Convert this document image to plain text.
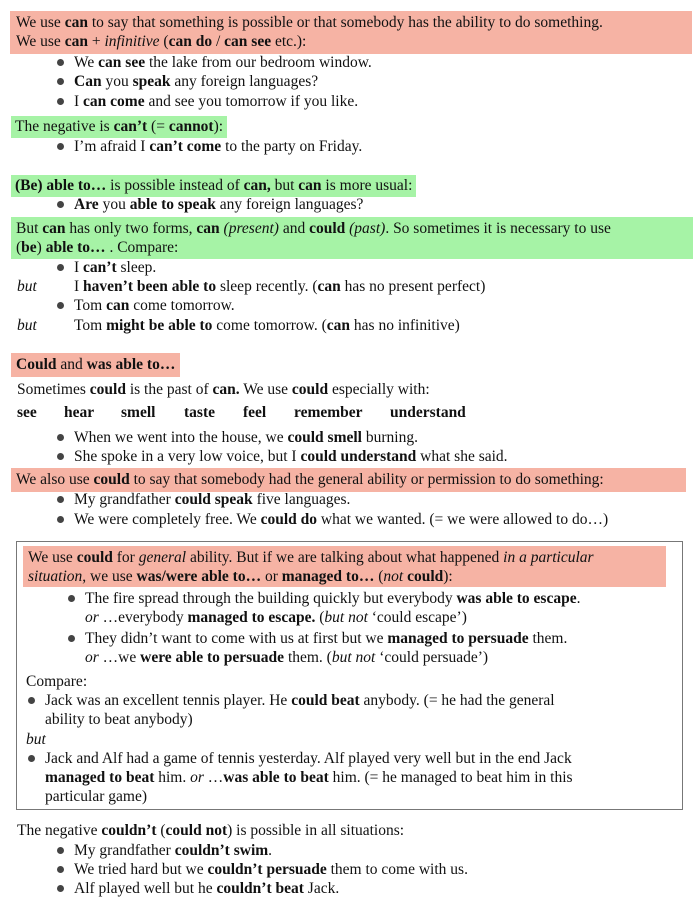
We use can to say that something is possible or that somebody has the ability to do something.
We use can + infinitive (can do / can see etc.):
We can see the lake from our bedroom window.
Can you speak any foreign languages?
I can come and see you tomorrow if you like.
The negative is can’t (= cannot):
I’m afraid I can’t come to the party on Friday.
(Be) able to… is possible instead of can, but can is more usual:
Are you able to speak any foreign languages?
But can has only two forms, can (present) and could (past). So sometimes it is necessary to use
(be) able to… . Compare:
I can’t sleep.
but I haven’t been able to sleep recently. (can has no present perfect)
Tom can come tomorrow.
but Tom might be able to come tomorrow. (can has no infinitive)
Could and was able to…
Sometimes could is the past of can. We use could especially with:
see hear smell taste feel remember understand
When we went into the house, we could smell burning.
She spoke in a very low voice, but I could understand what she said.
We also use could to say that somebody had the general ability or permission to do something:
My grandfather could speak five languages.
We were completely free. We could do what we wanted. (= we were allowed to do…)
We use could for general ability. But if we are talking about what happened in a particular
situation, we use was/were able to… or managed to… (not could):
The fire spread through the building quickly but everybody was able to escape.
or …everybody managed to escape. (but not ‘could escape’)
They didn’t want to come with us at first but we managed to persuade them.
or …we were able to persuade them. (but not ‘could persuade’)
Compare:
Jack was an excellent tennis player. He could beat anybody. (= he had the general
ability to beat anybody)
but
Jack and Alf had a game of tennis yesterday. Alf played very well but in the end Jack
managed to beat him. or …was able to beat him. (= he managed to beat him in this
particular game)
The negative couldn’t (could not) is possible in all situations:
My grandfather couldn’t swim.
We tried hard but we couldn’t persuade them to come with us.
Alf played well but he couldn’t beat Jack.
